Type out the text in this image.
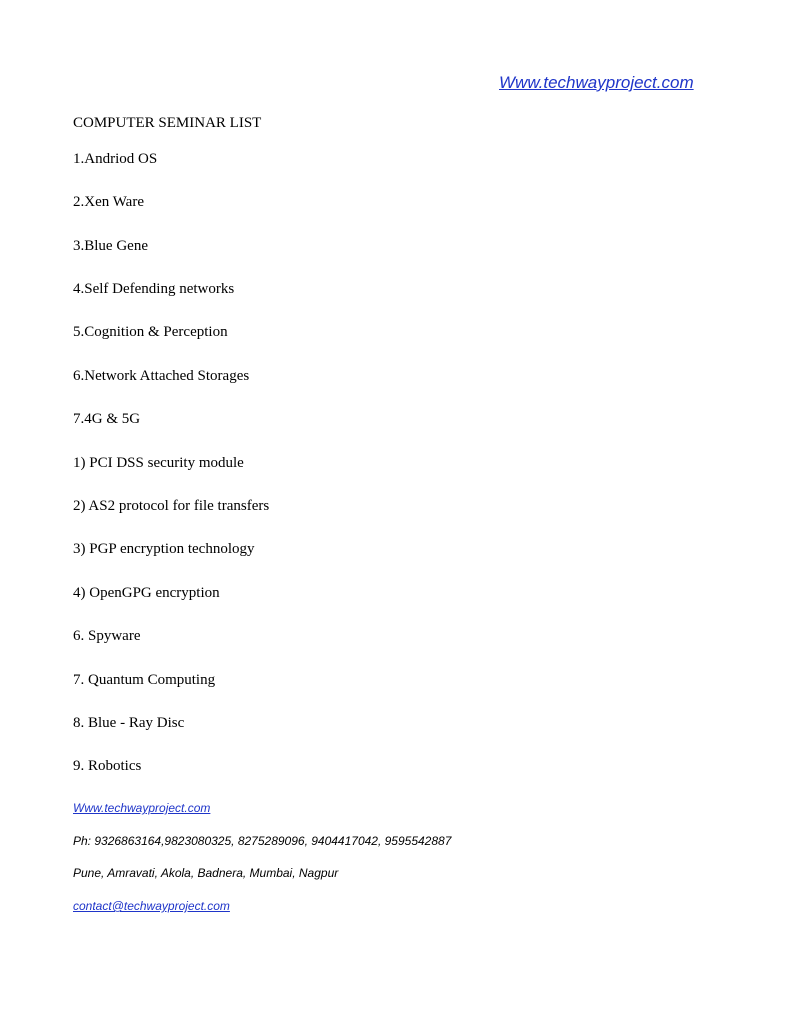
Www.techwayproject.com
COMPUTER SEMINAR LIST
1.Andriod OS
2.Xen Ware
3.Blue Gene
4.Self Defending networks
5.Cognition & Perception
6.Network Attached Storages
7.4G & 5G
1) PCI DSS security module
2) AS2 protocol for file transfers
3) PGP encryption technology
4) OpenGPG encryption
6. Spyware
7. Quantum Computing
8. Blue - Ray Disc
9. Robotics
Www.techwayproject.com
Ph: 9326863164,9823080325, 8275289096, 9404417042, 9595542887
Pune, Amravati, Akola, Badnera, Mumbai, Nagpur
contact@techwayproject.com
